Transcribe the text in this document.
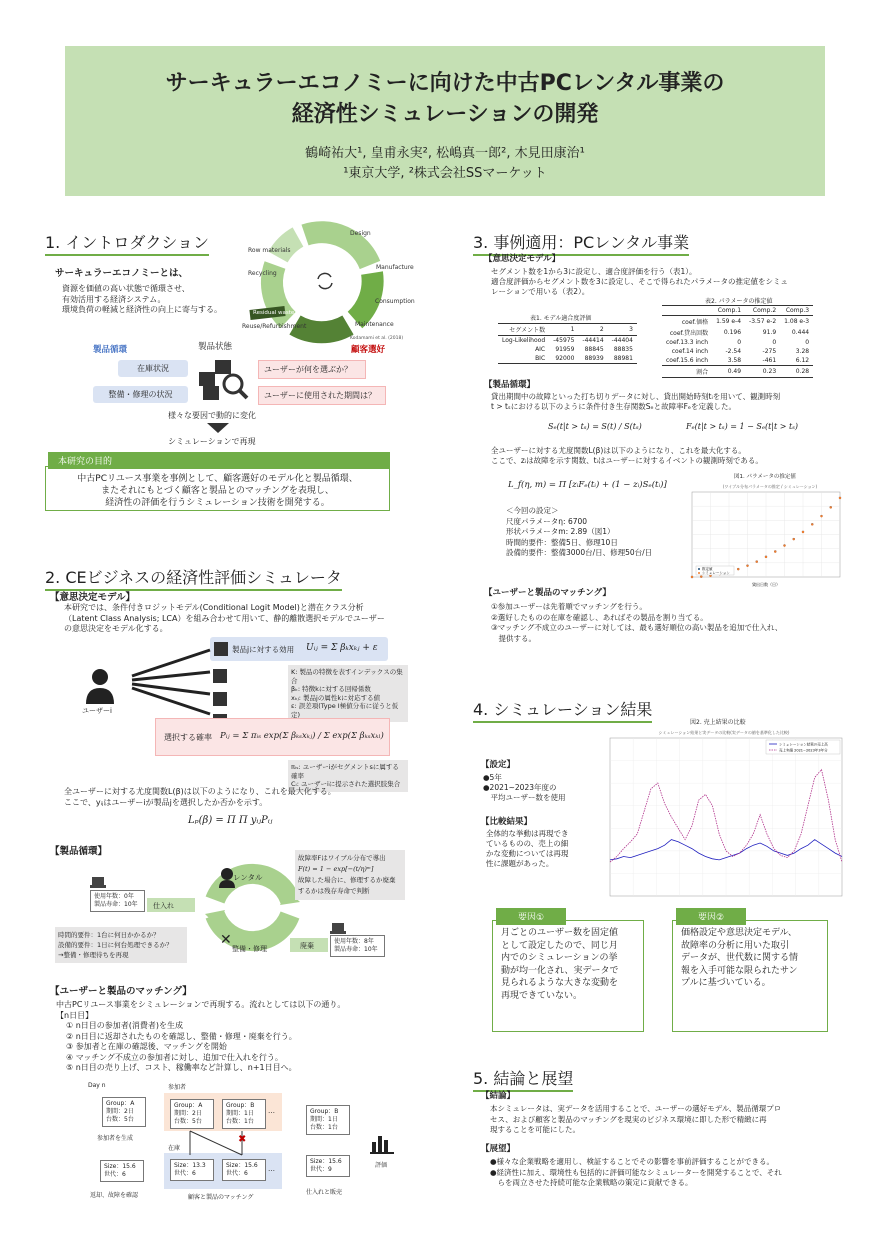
サーキュラーエコノミーに向けた中古PCレンタル事業の
経済性シミュレーションの開発
鶴崎祐大¹, 皇甫永実², 松嶋真一郎², 木見田康治¹
¹東京大学, ²株式会社SSマーケット
1. イントロダクション
サーキュラーエコノミーとは、
資源を価値の高い状態で循環させ、
有効活用する経済システム。
環境負荷の軽減と経済性の向上に寄与する。
Design
Manufacture
Consumption
Maintenance
Reuse/Refurbishment
Residual waste
Recycling
Row materials
Kodamami et al. (2018)
製品循環	製品状態	顧客選好
在庫状況
整備・修理の状況
ユーザーが何を選ぶか？
ユーザーに使用された期間は？
様々な要因で動的に変化
シミュレーションで再現
本研究の目的
中古PCリユース事業を事例として、顧客選好のモデル化と製品循環、
またそれにもとづく顧客と製品とのマッチングを表現し、
経済性の評価を行うシミュレーション技術を開発する。
2. CEビジネスの経済性評価シミュレータ
【意思決定モデル】
本研究では、条件付きロジットモデル(Conditional Logit Model)と潜在クラス分析
（Latent Class Analysis; LCA）を組み合わせて用いて、静的離散選択モデルでユーザー
の意思決定をモデル化する。
製品jに対する効用 Uᵢⱼ = Σ βₖxₖⱼ + ε
ユーザーi
K: 製品の特徴を表すインデックスの集合
βₖ: 特徴kに対する回帰係数
xₖⱼ: 製品jの属性kに対応する値
ε: 誤差項(Type I極値分布に従うと仮定)
選択する確率 Pᵢⱼ = Σ πᵢₛ exp(Σ βₖₛxₖⱼ) / Σ exp(Σ βₖₛxₖₗ)
πᵢₛ: ユーザーiがセグメントsに属する確率
Cᵢ: ユーザーiに提示された選択肢集合
全ユーザーに対する尤度関数L(β)は以下のようになり、これを最大化する。
ここで、yᵢⱼはユーザーiが製品jを選択したか否かを示す。
Lₚ(β) = Π Π yᵢⱼPᵢⱼ
【製品循環】
✕
レンタル
整備・修理
故障率Fはワイブル分布で導出
F(t) = 1 − exp[−(t/η)ᵐ]
故障した場合に、修理するか廃棄
するかは残存寿命で判断
使用年数：0年
製品寿命：10年	仕入れ
廃棄
使用年数：8年
製品寿命：10年
時間的要件：1台に何日かかるか？
設備的要件：1日に何台処理できるか？
→整備・修理待ちを再現
【ユーザーと製品のマッチング】
中古PCリユース事業をシミュレーションで再現する。流れとしては以下の通り。
【n日目】
① n日目の参加者(消費者)を生成
② n日目に返却されたものを確認し、整備・修理・廃棄を行う。
③ 参加者と在庫の確認後、マッチングを開始
④ マッチング不成立の参加者に対し、追加で仕入れを行う。
⑤ n日目の売り上げ、コスト、稼働率など計算し、n+1日目へ。
Day n
Group：A
期間：2日
台数：5台
参加者を生成
Size：15.6
世代：6
返却、故障を確認
参加者
Group：A
期間：2日
台数：5台
Group：B
期間：1日
台数：1台
…
在庫
Size：13.3
世代：6
Size：15.6
世代：6
…
✖
顧客と製品のマッチング
Group：B
期間：1日
台数：1台
Size：15.6
世代：9
仕入れと販売
評価
3. 事例適用：PCレンタル事業
【意思決定モデル】
セグメント数を1から3に設定し、適合度評価を行う（表1）。
適合度評価からセグメント数を3に設定し、そこで得られたパラメータの推定値をシミュ
レーションで用いる（表2）。
表1. モデル適合度評価
セグメント数	1	2	3
Log-Likelihood	-45975	-44414	-44404
AIC	91959	88845	88835
BIC	92000	88939	88981
表2. パラメータの推定値
	Comp.1	Comp.2	Comp.3
coef.価格	1.59 e-4	-3.57 e-2	1.08 e-3
coef.貸出回数	0.196	91.9	0.444
coef.13.3 inch	0	0	0
coef.14 inch	-2.54	-275	3.28
coef.15.6 inch	3.58	-461	6.12
割合	0.49	0.23	0.28
【製品循環】
貸出期間中の故障といった打ち切りデータに対し、貸出開始時刻tᵢを用いて、観測時刻
t > tₛにおける以下のように条件付き生存関数Sₑと故障率Fₑを定義した。
Sₑ(t|t > tₛ) = S(t) / S(tₛ)	Fₑ(t|t > tₛ) = 1 − Sₑ(t|t > tₛ)
全ユーザーに対する尤度関数L(β)は以下のようになり、これを最大化する。
ここで、zᵢは故障を示す関数、tᵢはユーザーに対するイベントの観測時刻である。
L_f(η, m) = Π [zᵢFₑ(tᵢ) + (1 − zᵢ)Sₑ(tᵢ)]
＜今回の設定＞
尺度パラメータη: 6700
形状パラメータm: 2.89（図1）
時間的要件：整備5日、修理10日
設備的要件：整備3000台/日、修理50台/日
図1. パラメータの推定値
(ワイブル分布パラメータの推定 / シミュレーション)
推定値
シミュレーション
貸出日数（日）
【ユーザーと製品のマッチング】
①参加ユーザーは先着順でマッチングを行う。
②選好したものの在庫を確認し、あればその製品を割り当てる。
③マッチング不成立のユーザーに対しては、最も選好順位の高い製品を追加で仕入れ、
　提供する。
4. シミュレーション結果
図2. 売上結果の比較
シミュレーション結果と実データの比較(実データの値を基準化した比較)
シミュレーション結果の売上高
売上実績 2021~2023年3年分
【設定】
●5年
●2021~2023年度の
　平均ユーザー数を使用
【比較結果】
全体的な挙動は再現でき
ているものの、売上の細
かな変動については再現
性に課題があった。
要因①
月ごとのユーザー数を固定値
として設定したので、同じ月
内でのシミュレーションの挙
動が均一化され、実データで
見られるような大きな変動を
再現できていない。
要因②
価格設定や意思決定モデル、
故障率の分析に用いた取引
データが、世代数に関する情
報を入手可能な限られたサン
プルに基づいている。
5. 結論と展望
【結論】
本シミュレータは、実データを活用することで、ユーザーの選好モデル、製品循環プロ
セス、および顧客と製品のマッチングを現実のビジネス環境に即した形で精緻に再
現することを可能にした。
【展望】
●様々な企業戦略を適用し、検証することでその影響を事前評価することができる。
●経済性に加え、環境性も包括的に評価可能なシミュレーターを開発することで、それ
　らを両立させた持続可能な企業戦略の策定に貢献できる。
